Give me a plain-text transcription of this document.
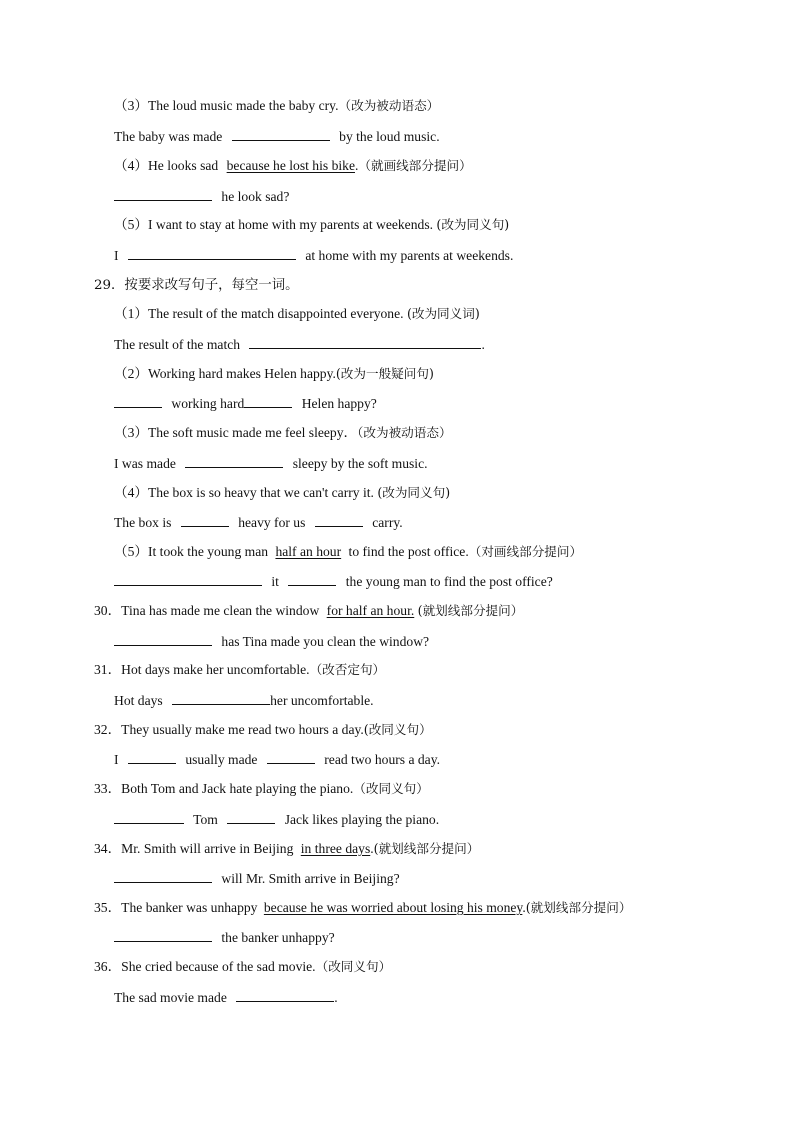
（3）The loud music made the baby cry.（改为被动语态）
The baby was made	by the loud music.
（4）He looks sad because he lost his bike.（就画线部分提问）
he look sad?
（5）I want to stay at home with my parents at weekends. (改为同义句)
I	at home with my parents at weekends.
29．按要求改写句子，每空一词。
（1）The result of the match disappointed everyone. (改为同义词)
The result of the match	.
（2）Working hard makes Helen happy.(改为一般疑问句)
working hard	Helen happy?
（3）The soft music made me feel sleepy．（改为被动语态）
I was made	sleepy by the soft music.
（4）The box is so heavy that we can't carry it. (改为同义句)
The box is	heavy for us	carry.
（5）It took the young man half an hour to find the post office.（对画线部分提问）
it	the young man to find the post office?
30．Tina has made me clean the window for half an hour. (就划线部分提问）
has Tina made you clean the window?
31．Hot days make her uncomfortable.（改否定句）
Hot days	her uncomfortable.
32．They usually make me read two hours a day.(改同义句）
I	usually made	read two hours a day.
33．Both Tom and Jack hate playing the piano.（改同义句）
Tom	Jack likes playing the piano.
34．Mr. Smith will arrive in Beijing in three days.(就划线部分提问）
will Mr. Smith arrive in Beijing?
35．The banker was unhappy because he was worried about losing his money.(就划线部分提问）
the banker unhappy?
36．She cried because of the sad movie.（改同义句）
The sad movie made	.
